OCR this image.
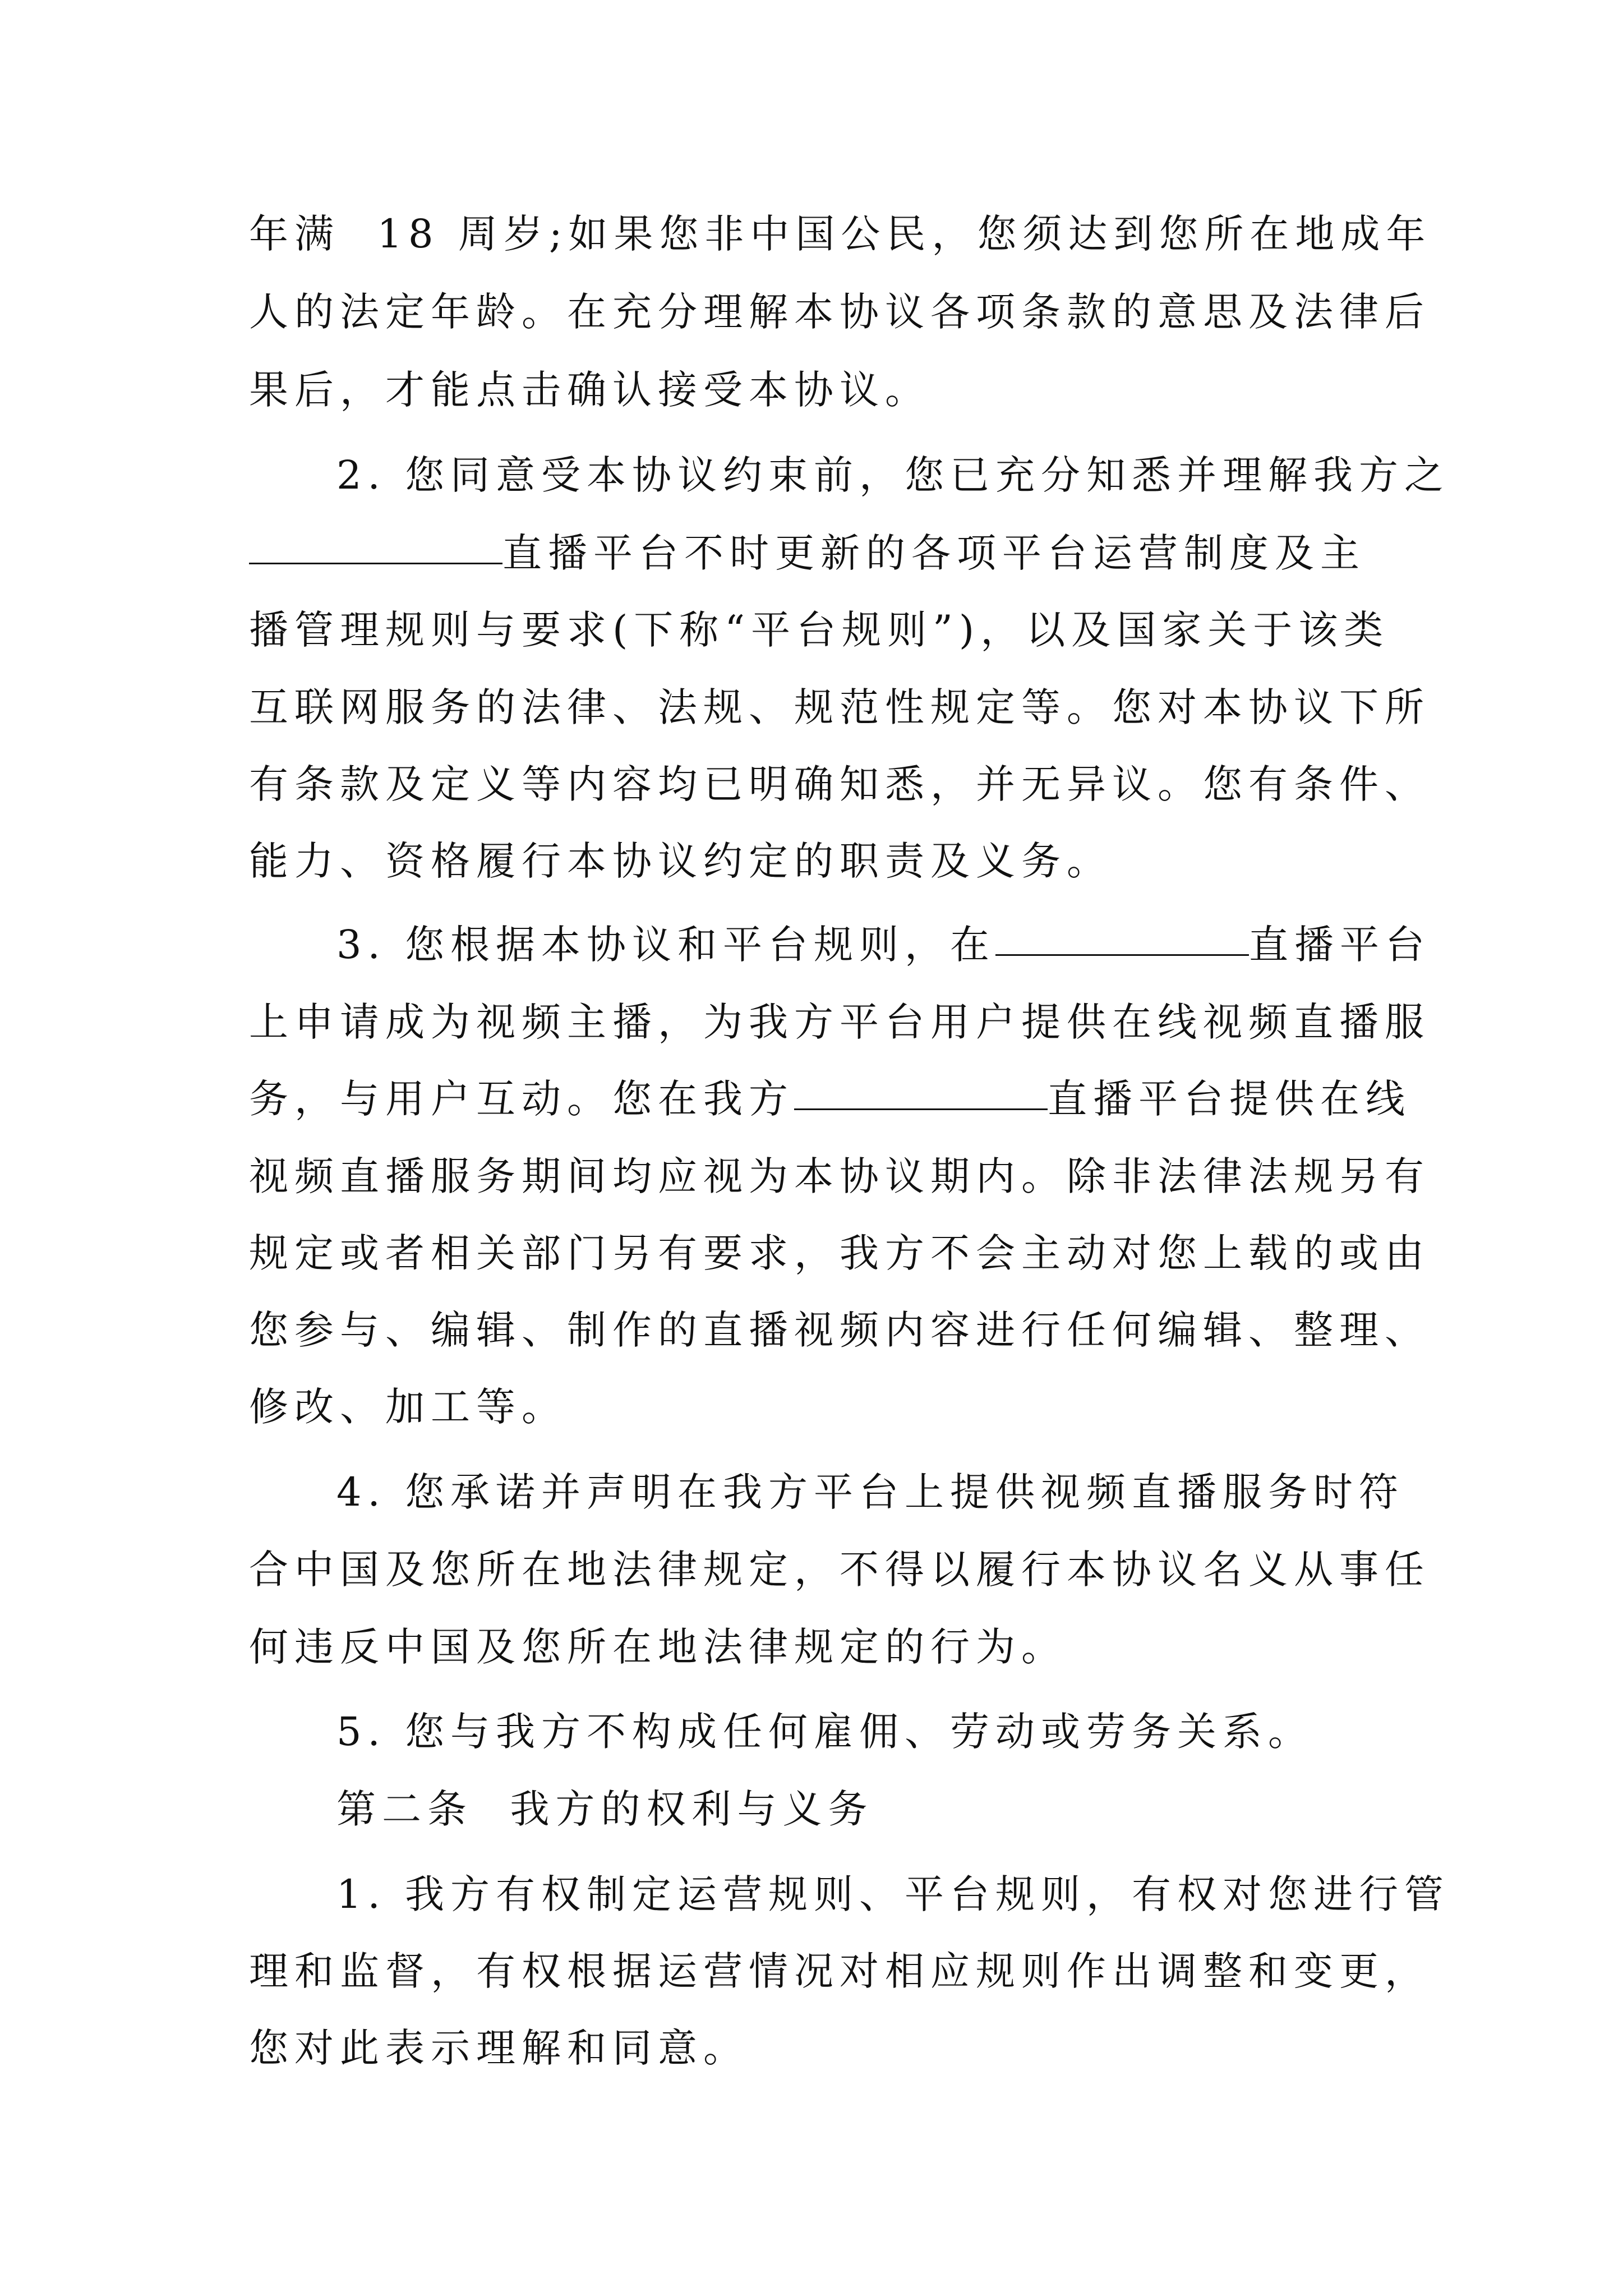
年满  18 周岁;如果您非中国公民，您须达到您所在地成年
人的法定年龄。在充分理解本协议各项条款的意思及法律后
果后，才能点击确认接受本协议。
2. 您同意受本协议约束前，您已充分知悉并理解我方之
直播平台不时更新的各项平台运营制度及主
播管理规则与要求(下称“平台规则”)，以及国家关于该类
互联网服务的法律、法规、规范性规定等。您对本协议下所
有条款及定义等内容均已明确知悉，并无异议。您有条件、
能力、资格履行本协议约定的职责及义务。
3. 您根据本协议和平台规则，在	直播平台
上申请成为视频主播，为我方平台用户提供在线视频直播服
务，与用户互动。您在我方	直播平台提供在线
视频直播服务期间均应视为本协议期内。除非法律法规另有
规定或者相关部门另有要求，我方不会主动对您上载的或由
您参与、编辑、制作的直播视频内容进行任何编辑、整理、
修改、加工等。
4. 您承诺并声明在我方平台上提供视频直播服务时符
合中国及您所在地法律规定，不得以履行本协议名义从事任
何违反中国及您所在地法律规定的行为。
5. 您与我方不构成任何雇佣、劳动或劳务关系。
第二条  我方的权利与义务
1. 我方有权制定运营规则、平台规则，有权对您进行管
理和监督，有权根据运营情况对相应规则作出调整和变更，
您对此表示理解和同意。
